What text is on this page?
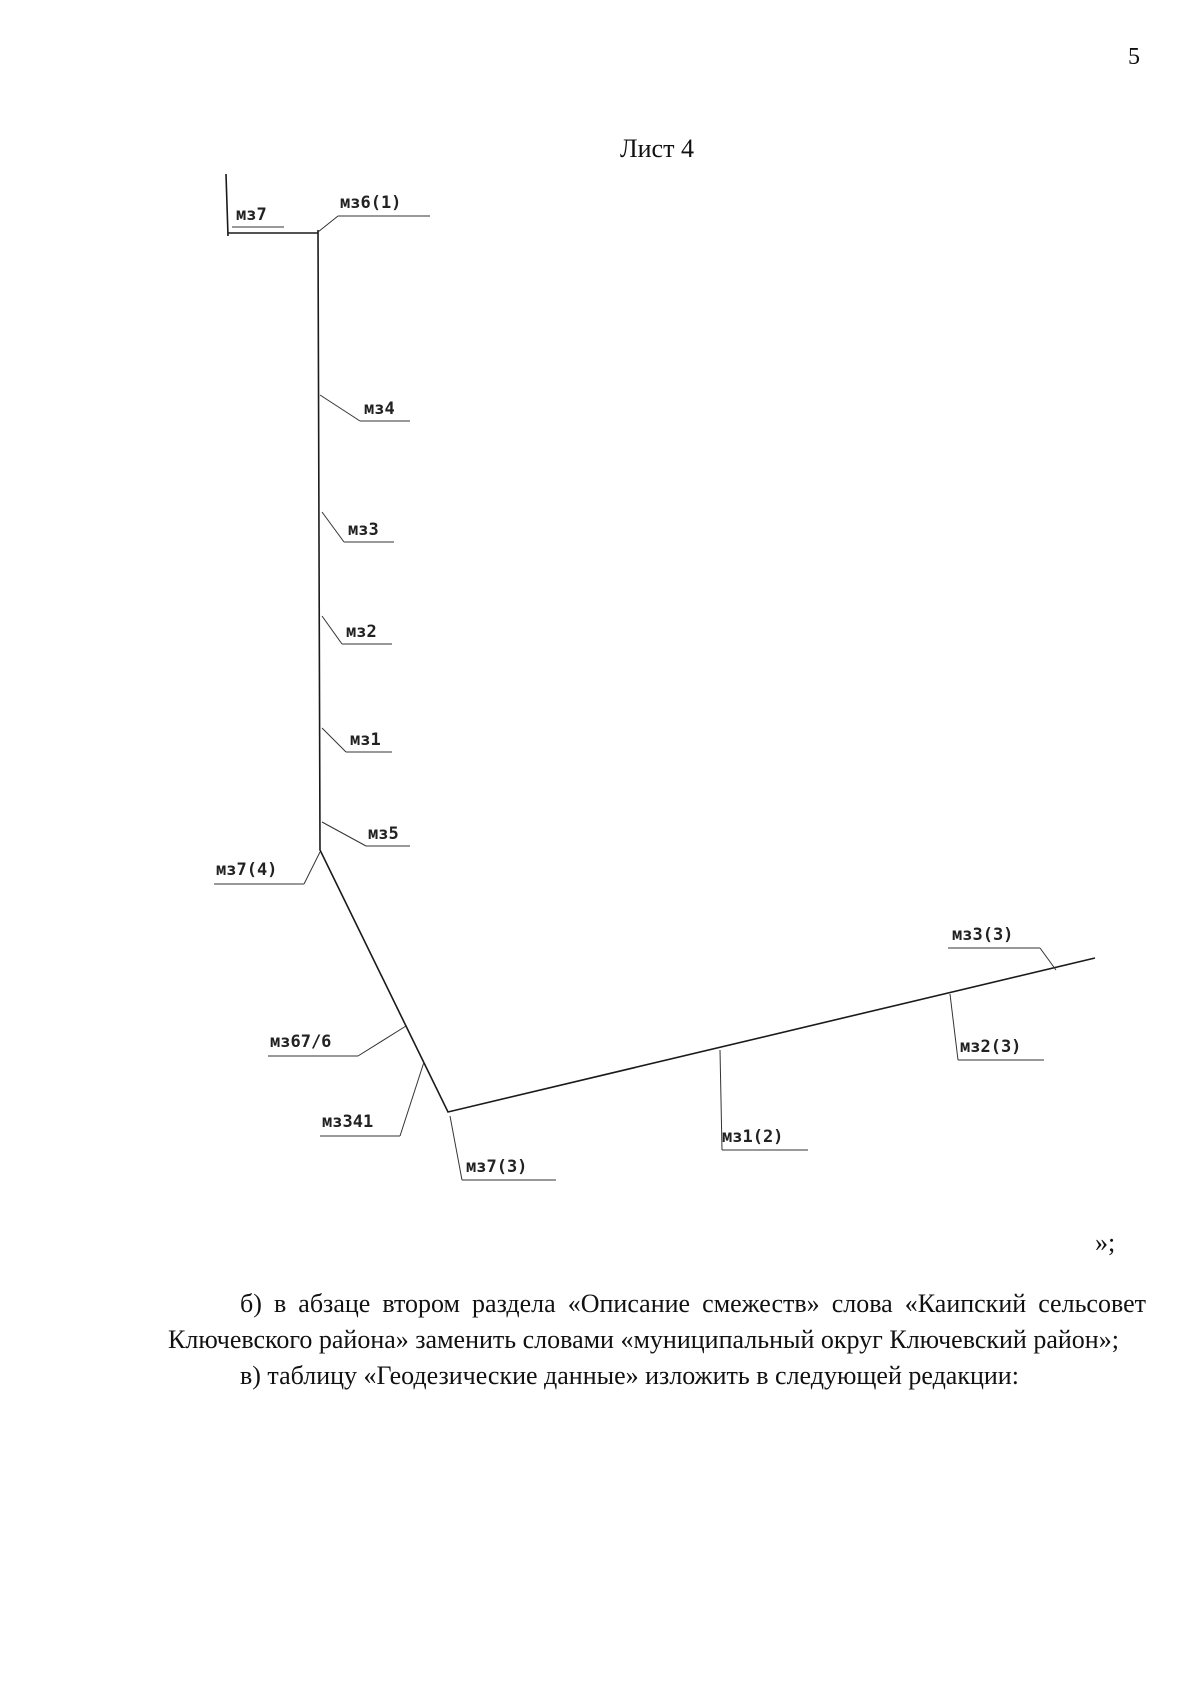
5
Лист 4
мз7
мз6(1)
мз4
мз3
мз2
мз1
мз5
мз7(4)
мз67/6
мз341
мз7(3)
мз1(2)
мз2(3)
мз3(3)
»;

б) в абзаце втором раздела «Описание смежеств» слова «Каипский сельсовет Ключевского района» заменить словами «муниципальный округ Ключевский район»;

в) таблицу «Геодезические данные» изложить в следующей редакции:
